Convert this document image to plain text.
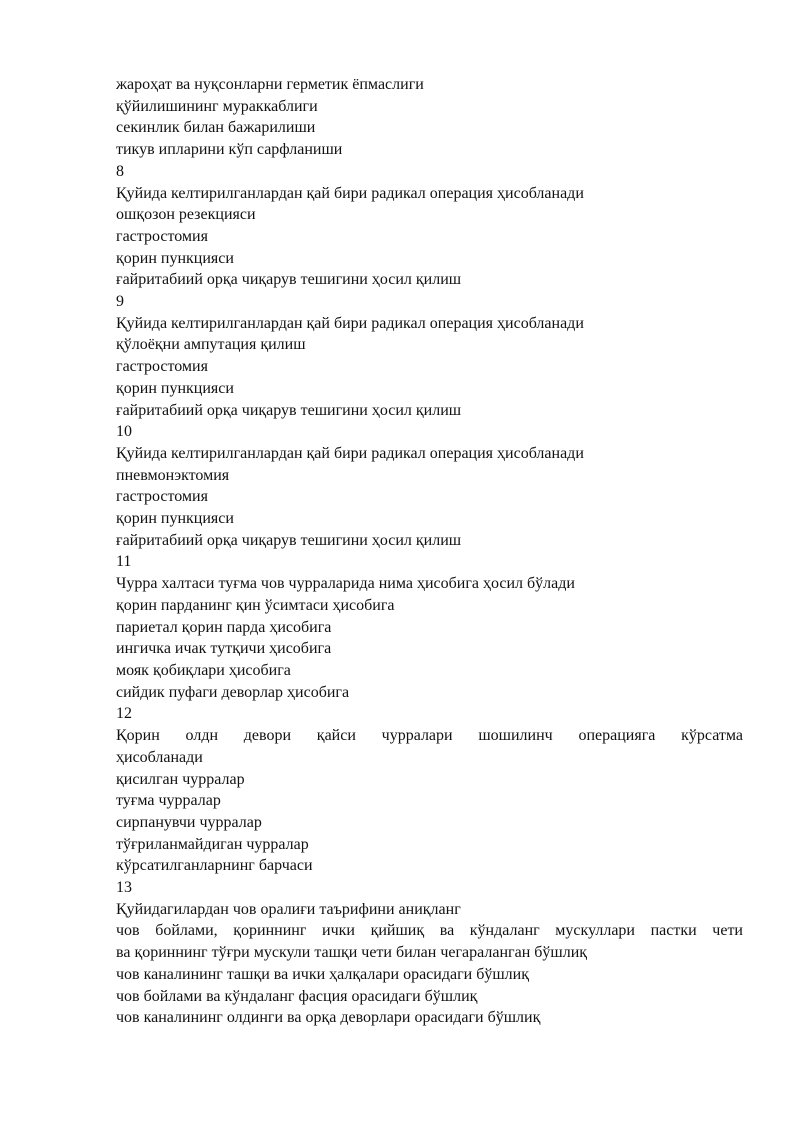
жароҳат ва нуқсонларни герметик ёпмаслиги
қўйилишининг мураккаблиги
секинлик билан бажарилиши
тикув ипларини кўп сарфланиши
8
Қуйида келтирилганлардан қай бири радикал операция ҳисобланади
ошқозон резекцияси
гастростомия
қорин пункцияси
ғайритабиий орқа чиқарув тешигини ҳосил қилиш
9
Қуйида келтирилганлардан қай бири радикал операция ҳисобланади
қўлоёқни ампутация қилиш
гастростомия
қорин пункцияси
ғайритабиий орқа чиқарув тешигини ҳосил қилиш
10
Қуйида келтирилганлардан қай бири радикал операция ҳисобланади
пневмонэктомия
гастростомия
қорин пункцияси
ғайритабиий орқа чиқарув тешигини ҳосил қилиш
11
Чурра халтаси туғма чов чурраларида нима ҳисобига ҳосил бўлади
қорин парданинг қин ўсимтаси ҳисобига
париетал қорин парда ҳисобига
ингичка ичак тутқичи ҳисобига
мояк қобиқлари ҳисобига
сийдик пуфаги деворлар ҳисобига
12
Қорин олдн девори қайси чурралари шошилинч операцияга кўрсатма
ҳисобланади
қисилган чурралар
туғма чурралар
сирпанувчи чурралар
тўғриланмайдиган чурралар
кўрсатилганларнинг барчаси
13
Қуйидагилардан чов оралиғи таърифини аниқланг
чов бойлами, қориннинг ички қийшиқ ва кўндаланг мускуллари пастки чети
ва қориннинг тўғри мускули ташқи чети билан чегараланган бўшлиқ
чов каналининг ташқи ва ички ҳалқалари орасидаги бўшлиқ
чов бойлами ва кўндаланг фасция орасидаги бўшлиқ
чов каналининг олдинги ва орқа деворлари орасидаги бўшлиқ
